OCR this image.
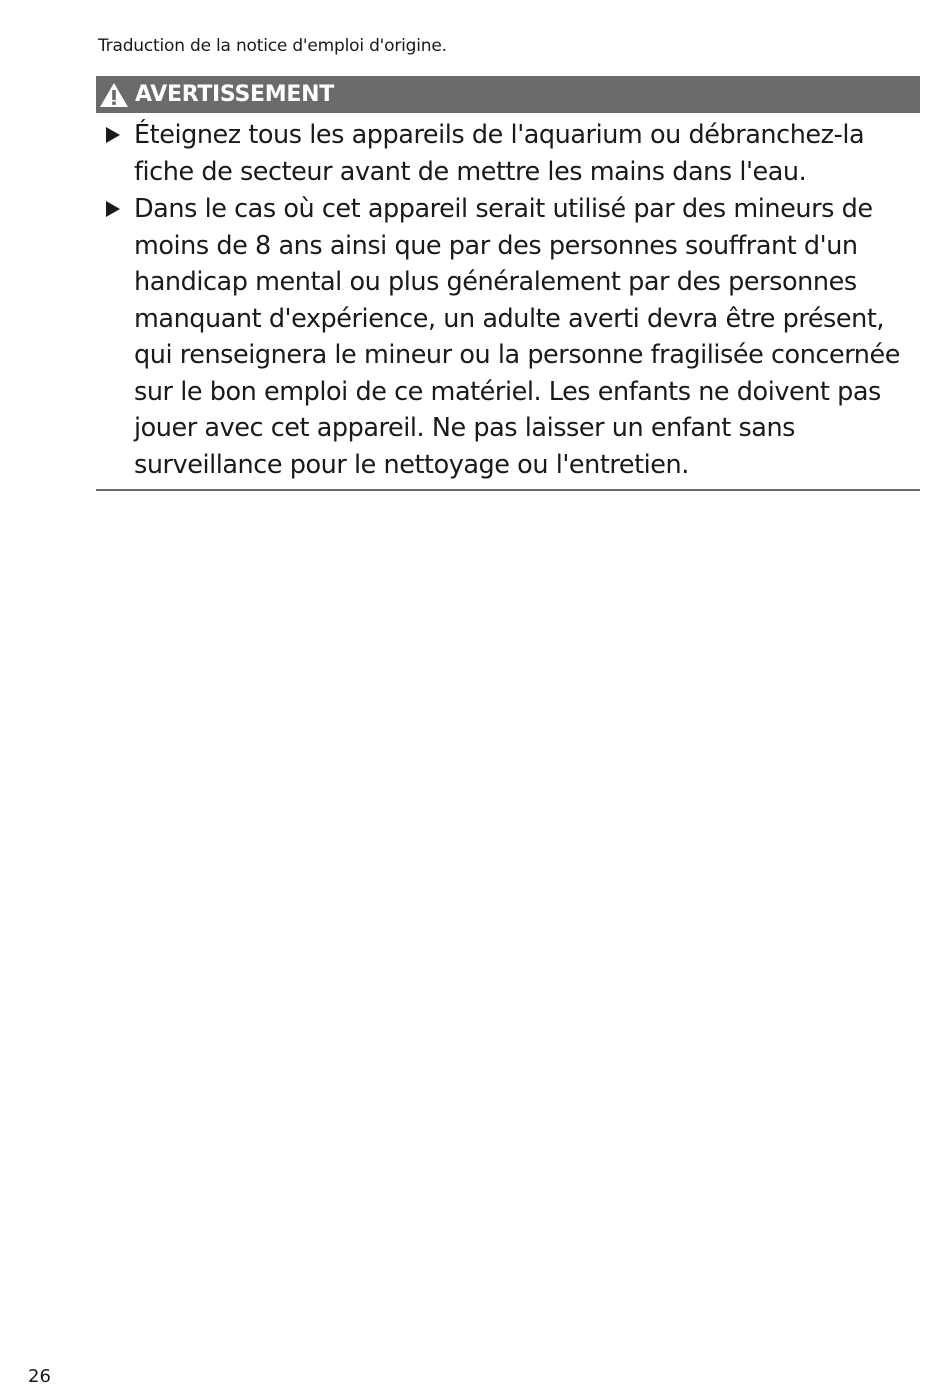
Traduction de la notice d'emploi d'origine.
AVERTISSEMENT
Éteignez tous les appareils de l'aquarium ou débranchez-la fiche de secteur avant de mettre les mains dans l'eau.
Dans le cas où cet appareil serait utilisé par des mineurs de moins de 8 ans ainsi que par des personnes souffrant d'un handicap mental ou plus généralement par des personnes manquant d'expérience, un adulte averti devra être présent, qui renseignera le mineur ou la personne fragilisée concernée sur le bon emploi de ce matériel. Les enfants ne doivent pas jouer avec cet appareil. Ne pas laisser un enfant sans surveillance pour le nettoyage ou l'entretien.
26
